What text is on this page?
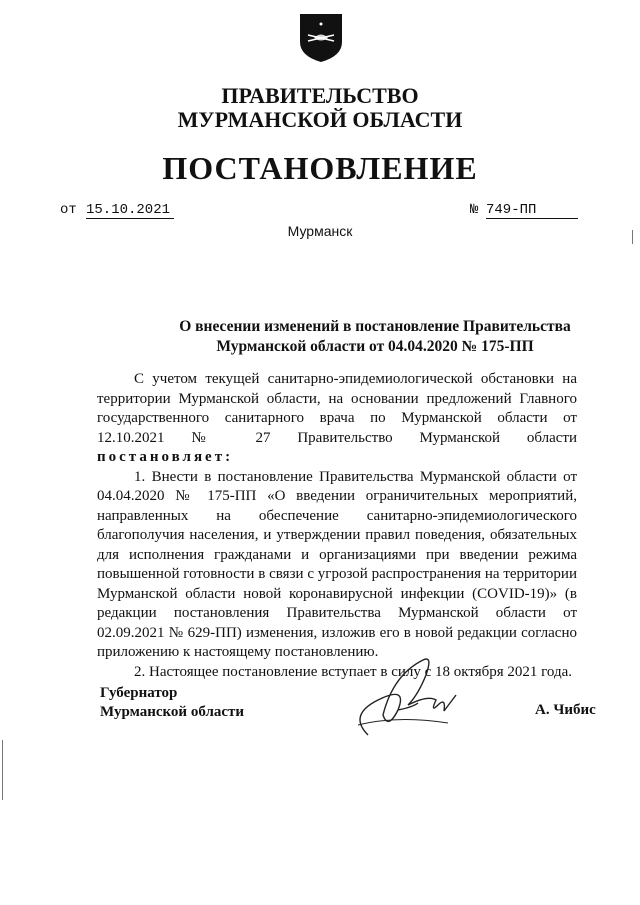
ПРАВИТЕЛЬСТВО
МУРМАНСКОЙ ОБЛАСТИ
ПОСТАНОВЛЕНИЕ
от 15.10.2021	№ 749-ПП
Мурманск
О внесении изменений в постановление Правительства
Мурманской области от 04.04.2020 № 175-ПП

С учетом текущей санитарно-эпидемиологической обстановки на территории Мурманской области, на основании предложений Главного государственного санитарного врача по Мурманской области от 12.10.2021 № 27 Правительство Мурманской области постановляет:

1. Внести в постановление Правительства Мурманской области от 04.04.2020 № 175-ПП «О введении ограничительных мероприятий, направленных на обеспечение санитарно-эпидемиологического благополучия населения, и утверждении правил поведения, обязательных для исполнения гражданами и организациями при введении режима повышенной готовности в связи с угрозой распространения на территории Мурманской области новой коронавирусной инфекции (COVID-19)» (в редакции постановления Правительства Мурманской области от 02.09.2021 № 629-ПП) изменения, изложив его в новой редакции согласно приложению к настоящему постановлению.

2. Настоящее постановление вступает в силу с 18 октября 2021 года.

Губернатор
Мурманской области	А. Чибис
